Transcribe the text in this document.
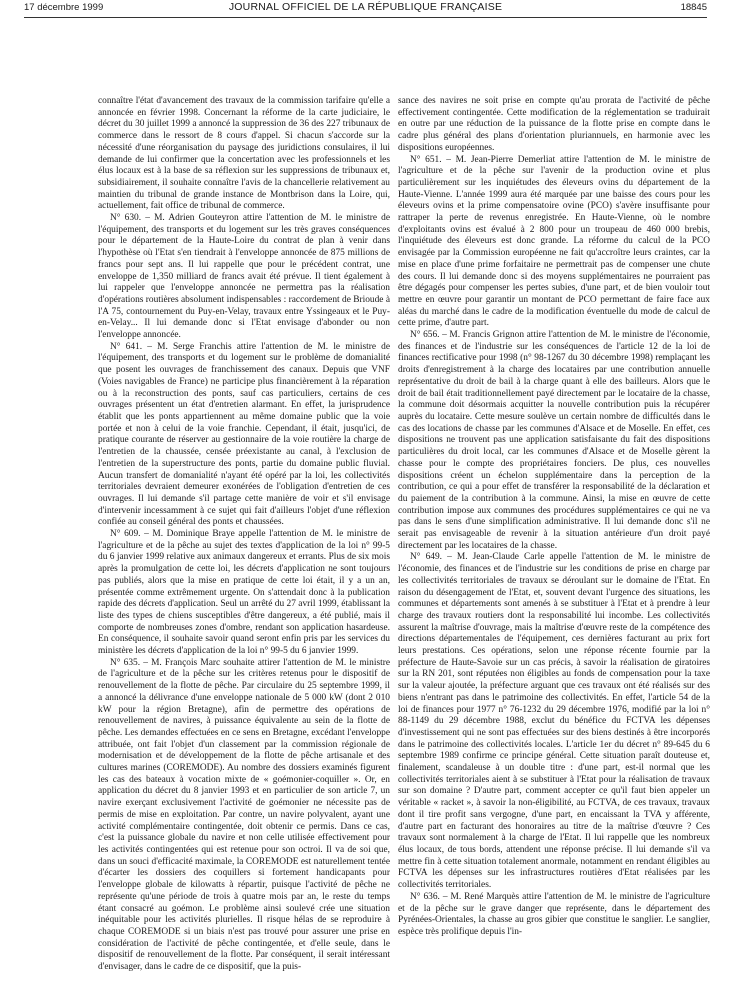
17 décembre 1999	JOURNAL OFFICIEL DE LA RÉPUBLIQUE FRANÇAISE	18845

connaître l'état d'avancement des travaux de la commission tarifaire qu'elle a annoncée en février 1998. Concernant la réforme de la carte judiciaire, le décret du 30 juillet 1999 a annoncé la suppression de 36 des 227 tribunaux de commerce dans le ressort de 8 cours d'appel. Si chacun s'accorde sur la nécessité d'une réorganisation du paysage des juridictions consulaires, il lui demande de lui confirmer que la concertation avec les professionnels et les élus locaux est à la base de sa réflexion sur les suppressions de tribunaux et, subsidiairement, il souhaite connaître l'avis de la chancellerie relativement au maintien du tribunal de grande instance de Montbrison dans la Loire, qui, actuellement, fait office de tribunal de commerce.

N° 630. – M. Adrien Gouteyron attire l'attention de M. le ministre de l'équipement, des transports et du logement sur les très graves conséquences pour le département de la Haute-Loire du contrat de plan à venir dans l'hypothèse où l'Etat s'en tiendrait à l'enveloppe annoncée de 875 millions de francs pour sept ans. Il lui rappelle que pour le précédent contrat, une enveloppe de 1,350 milliard de francs avait été prévue. Il tient également à lui rappeler que l'enveloppe annoncée ne permettra pas la réalisation d'opérations routières absolument indispensables : raccordement de Brioude à l'A 75, contournement du Puy-en-Velay, travaux entre Yssingeaux et le Puy-en-Velay... Il lui demande donc si l'Etat envisage d'abonder ou non l'enveloppe annoncée.

N° 641. – M. Serge Franchis attire l'attention de M. le ministre de l'équipement, des transports et du logement sur le problème de domanialité que posent les ouvrages de franchissement des canaux. Depuis que VNF (Voies navigables de France) ne participe plus financièrement à la réparation ou à la reconstruction des ponts, sauf cas particuliers, certains de ces ouvrages présentent un état d'entretien alarmant. En effet, la jurisprudence établit que les ponts appartiennent au même domaine public que la voie portée et non à celui de la voie franchie. Cependant, il était, jusqu'ici, de pratique courante de réserver au gestionnaire de la voie routière la charge de l'entretien de la chaussée, censée préexistante au canal, à l'exclusion de l'entretien de la superstructure des ponts, partie du domaine public fluvial. Aucun transfert de domanialité n'ayant été opéré par la loi, les collectivités territoriales devraient demeurer exonérées de l'obligation d'entretien de ces ouvrages. Il lui demande s'il partage cette manière de voir et s'il envisage d'intervenir incessamment à ce sujet qui fait d'ailleurs l'objet d'une réflexion confiée au conseil général des ponts et chaussées.

N° 609. – M. Dominique Braye appelle l'attention de M. le ministre de l'agriculture et de la pêche au sujet des textes d'application de la loi n° 99-5 du 6 janvier 1999 relative aux animaux dangereux et errants. Plus de six mois après la promulgation de cette loi, les décrets d'application ne sont toujours pas publiés, alors que la mise en pratique de cette loi était, il y a un an, présentée comme extrêmement urgente. On s'attendait donc à la publication rapide des décrets d'application. Seul un arrêté du 27 avril 1999, établissant la liste des types de chiens susceptibles d'être dangereux, a été publié, mais il comporte de nombreuses zones d'ombre, rendant son application hasardeuse. En conséquence, il souhaite savoir quand seront enfin pris par les services du ministère les décrets d'application de la loi n° 99-5 du 6 janvier 1999.

N° 635. – M. François Marc souhaite attirer l'attention de M. le ministre de l'agriculture et de la pêche sur les critères retenus pour le dispositif de renouvellement de la flotte de pêche. Par circulaire du 25 septembre 1999, il a annoncé la délivrance d'une enveloppe nationale de 5 000 kW (dont 2 010 kW pour la région Bretagne), afin de permettre des opérations de renouvellement de navires, à puissance équivalente au sein de la flotte de pêche. Les demandes effectuées en ce sens en Bretagne, excédant l'enveloppe attribuée, ont fait l'objet d'un classement par la commission régionale de modernisation et de développement de la flotte de pêche artisanale et des cultures marines (COREMODE). Au nombre des dossiers examinés figurent les cas des bateaux à vocation mixte de « goémonier-coquiller ». Or, en application du décret du 8 janvier 1993 et en particulier de son article 7, un navire exerçant exclusivement l'activité de goémonier ne nécessite pas de permis de mise en exploitation. Par contre, un navire polyvalent, ayant une activité complémentaire contingentée, doit obtenir ce permis. Dans ce cas, c'est la puissance globale du navire et non celle utilisée effectivement pour les activités contingentées qui est retenue pour son octroi. Il va de soi que, dans un souci d'efficacité maximale, la COREMODE est naturellement tentée d'écarter les dossiers des coquillers si fortement handicapants pour l'enveloppe globale de kilowatts à répartir, puisque l'activité de pêche ne représente qu'une période de trois à quatre mois par an, le reste du temps étant consacré au goémon. Le problème ainsi soulevé crée une situation inéquitable pour les activités plurielles. Il risque hélas de se reproduire à chaque COREMODE si un biais n'est pas trouvé pour assurer une prise en considération de l'activité de pêche contingentée, et d'elle seule, dans le dispositif de renouvellement de la flotte. Par conséquent, il serait intéressant d'envisager, dans le cadre de ce dispositif, que la puis-

sance des navires ne soit prise en compte qu'au prorata de l'activité de pêche effectivement contingentée. Cette modification de la réglementation se traduirait en outre par une réduction de la puissance de la flotte prise en compte dans le cadre plus général des plans d'orientation pluriannuels, en harmonie avec les dispositions européennes.

N° 651. – M. Jean-Pierre Demerliat attire l'attention de M. le ministre de l'agriculture et de la pêche sur l'avenir de la production ovine et plus particulièrement sur les inquiétudes des éleveurs ovins du département de la Haute-Vienne. L'année 1999 aura été marquée par une baisse des cours pour les éleveurs ovins et la prime compensatoire ovine (PCO) s'avère insuffisante pour rattraper la perte de revenus enregistrée. En Haute-Vienne, où le nombre d'exploitants ovins est évalué à 2 800 pour un troupeau de 460 000 brebis, l'inquiétude des éleveurs est donc grande. La réforme du calcul de la PCO envisagée par la Commission européenne ne fait qu'accroître leurs craintes, car la mise en place d'une prime forfaitaire ne permettrait pas de compenser une chute des cours. Il lui demande donc si des moyens supplémentaires ne pourraient pas être dégagés pour compenser les pertes subies, d'une part, et de bien vouloir tout mettre en œuvre pour garantir un montant de PCO permettant de faire face aux aléas du marché dans le cadre de la modification éventuelle du mode de calcul de cette prime, d'autre part.

N° 656. – M. Francis Grignon attire l'attention de M. le ministre de l'économie, des finances et de l'industrie sur les conséquences de l'article 12 de la loi de finances rectificative pour 1998 (n° 98-1267 du 30 décembre 1998) remplaçant les droits d'enregistrement à la charge des locataires par une contribution annuelle représentative du droit de bail à la charge quant à elle des bailleurs. Alors que le droit de bail était traditionnellement payé directement par le locataire de la chasse, la commune doit désormais acquitter la nouvelle contribution puis la récupérer auprès du locataire. Cette mesure soulève un certain nombre de difficultés dans le cas des locations de chasse par les communes d'Alsace et de Moselle. En effet, ces dispositions ne trouvent pas une application satisfaisante du fait des dispositions particulières du droit local, car les communes d'Alsace et de Moselle gèrent la chasse pour le compte des propriétaires fonciers. De plus, ces nouvelles dispositions créent un échelon supplémentaire dans la perception de la contribution, ce qui a pour effet de transférer la responsabilité de la déclaration et du paiement de la contribution à la commune. Ainsi, la mise en œuvre de cette contribution impose aux communes des procédures supplémentaires ce qui ne va pas dans le sens d'une simplification administrative. Il lui demande donc s'il ne serait pas envisageable de revenir à la situation antérieure d'un droit payé directement par les locataires de la chasse.

N° 649. – M. Jean-Claude Carle appelle l'attention de M. le ministre de l'économie, des finances et de l'industrie sur les conditions de prise en charge par les collectivités territoriales de travaux se déroulant sur le domaine de l'Etat. En raison du désengagement de l'Etat, et, souvent devant l'urgence des situations, les communes et départements sont amenés à se substituer à l'Etat et à prendre à leur charge des travaux routiers dont la responsabilité lui incombe. Les collectivités assurent la maîtrise d'ouvrage, mais la maîtrise d'œuvre reste de la compétence des directions départementales de l'équipement, ces dernières facturant au prix fort leurs prestations. Ces opérations, selon une réponse récente fournie par la préfecture de Haute-Savoie sur un cas précis, à savoir la réalisation de giratoires sur la RN 201, sont réputées non éligibles au fonds de compensation pour la taxe sur la valeur ajoutée, la préfecture arguant que ces travaux ont été réalisés sur des biens n'entrant pas dans le patrimoine des collectivités. En effet, l'article 54 de la loi de finances pour 1977 n° 76-1232 du 29 décembre 1976, modifié par la loi n° 88-1149 du 29 décembre 1988, exclut du bénéfice du FCTVA les dépenses d'investissement qui ne sont pas effectuées sur des biens destinés à être incorporés dans le patrimoine des collectivités locales. L'article 1er du décret n° 89-645 du 6 septembre 1989 confirme ce principe général. Cette situation paraît douteuse et, finalement, scandaleuse à un double titre : d'une part, est-il normal que les collectivités territoriales aient à se substituer à l'Etat pour la réalisation de travaux sur son domaine ? D'autre part, comment accepter ce qu'il faut bien appeler un véritable « racket », à savoir la non-éligibilité, au FCTVA, de ces travaux, travaux dont il tire profit sans vergogne, d'une part, en encaissant la TVA y afférente, d'autre part en facturant des honoraires au titre de la maîtrise d'œuvre ? Ces travaux sont normalement à la charge de l'Etat. Il lui rappelle que les nombreux élus locaux, de tous bords, attendent une réponse précise. Il lui demande s'il va mettre fin à cette situation totalement anormale, notamment en rendant éligibles au FCTVA les dépenses sur les infrastructures routières d'Etat réalisées par les collectivités territoriales.

N° 636. – M. René Marquès attire l'attention de M. le ministre de l'agriculture et de la pêche sur le grave danger que représente, dans le département des Pyrénées-Orientales, la chasse au gros gibier que constitue le sanglier. Le sanglier, espèce très prolifique depuis l'in-
